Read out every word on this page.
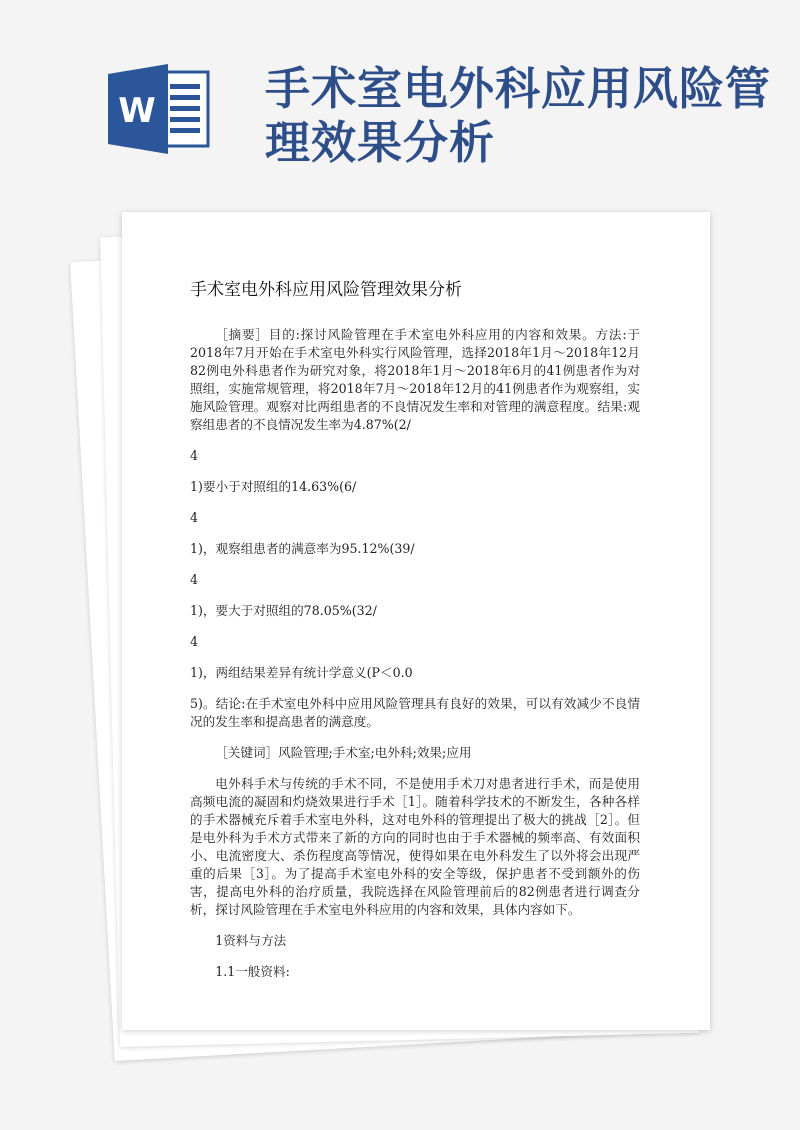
W 手术室电外科应用风险管理效果分析
手术室电外科应用风险管理效果分析

［摘要］目的:探讨风险管理在手术室电外科应用的内容和效果。方法:于2018年7月开始在手术室电外科实行风险管理，选择2018年1月～2018年12月82例电外科患者作为研究对象，将2018年1月～2018年6月的41例患者作为对照组，实施常规管理，将2018年7月～2018年12月的41例患者作为观察组，实施风险管理。观察对比两组患者的不良情况发生率和对管理的满意程度。结果:观察组患者的不良情况发生率为4.87%(2/

4

1)要小于对照组的14.63%(6/

4

1)，观察组患者的满意率为95.12%(39/

4

1)，要大于对照组的78.05%(32/

4

1)，两组结果差异有统计学意义(P＜0.0

5)。结论:在手术室电外科中应用风险管理具有良好的效果，可以有效减少不良情况的发生率和提高患者的满意度。

［关键词］风险管理;手术室;电外科;效果;应用

电外科手术与传统的手术不同，不是使用手术刀对患者进行手术，而是使用高频电流的凝固和灼烧效果进行手术［1］。随着科学技术的不断发生，各种各样的手术器械充斥着手术室电外科，这对电外科的管理提出了极大的挑战［2］。但是电外科为手术方式带来了新的方向的同时也由于手术器械的频率高、有效面积小、电流密度大、杀伤程度高等情况，使得如果在电外科发生了以外将会出现严重的后果［3］。为了提高手术室电外科的安全等级，保护患者不受到额外的伤害，提高电外科的治疗质量，我院选择在风险管理前后的82例患者进行调查分析，探讨风险管理在手术室电外科应用的内容和效果，具体内容如下。

1资料与方法

1.1一般资料:
